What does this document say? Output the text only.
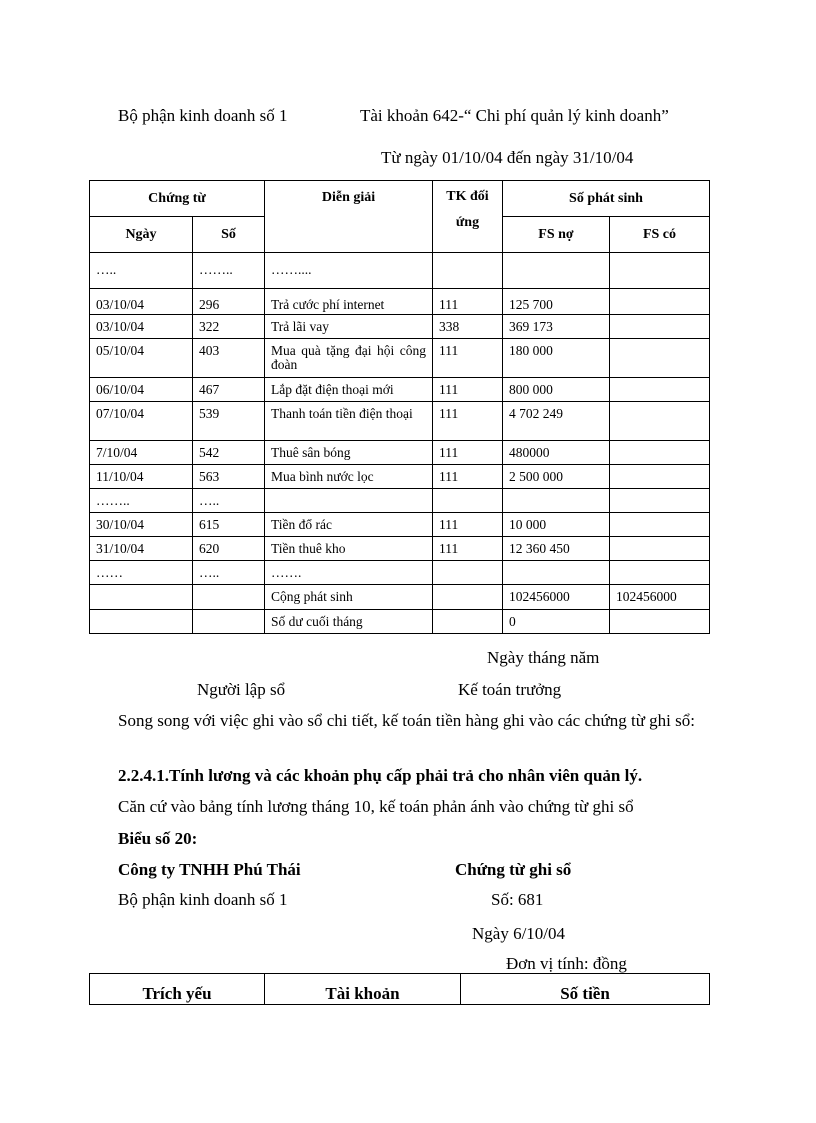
Bộ phận kinh doanh số 1	Tài khoản 642-“ Chi phí quản lý kinh doanh”
Từ ngày 01/10/04 đến ngày 31/10/04
Chứng từ		Diễn giải	TK đối ứng	Số phát sinh	
Ngày	Số			FS nợ	FS có
…..	……..	……....			
03/10/04	296	Trả cước phí internet	111	125 700	
03/10/04	322	Trả lãi vay	338	369 173	
05/10/04	403	Mua quà tặng đại hội công đoàn	111	180 000	
06/10/04	467	Lắp đặt điện thoại mới	111	800 000	
07/10/04	539	Thanh toán tiền điện thoại	111	4 702 249	
7/10/04	542	Thuê sân bóng	111	480000	
11/10/04	563	Mua bình nước lọc	111	2 500 000	
……..	…..				
30/10/04	615	Tiền đổ rác	111	10 000	
31/10/04	620	Tiền thuê kho	111	12 360 450	
……	…..	…….			
		Cộng phát sinh		102456000	102456000
		Số dư cuối tháng		0	
Ngày tháng năm
Người lập sổ	Kế toán trưởng
Song song với việc ghi vào sổ chi tiết, kế toán tiền hàng ghi vào các chứng từ ghi sổ:
2.2.4.1.Tính lương và các khoản phụ cấp phải trả cho nhân viên quản lý.
Căn cứ vào bảng tính lương tháng 10, kế toán phản ánh vào chứng từ ghi sổ
Biểu số 20:
Công ty TNHH Phú Thái	Chứng từ ghi sổ
Bộ phận kinh doanh số 1	Số: 681
Ngày 6/10/04
Đơn vị tính: đồng
Trích yếu	Tài khoản	Số tiền
